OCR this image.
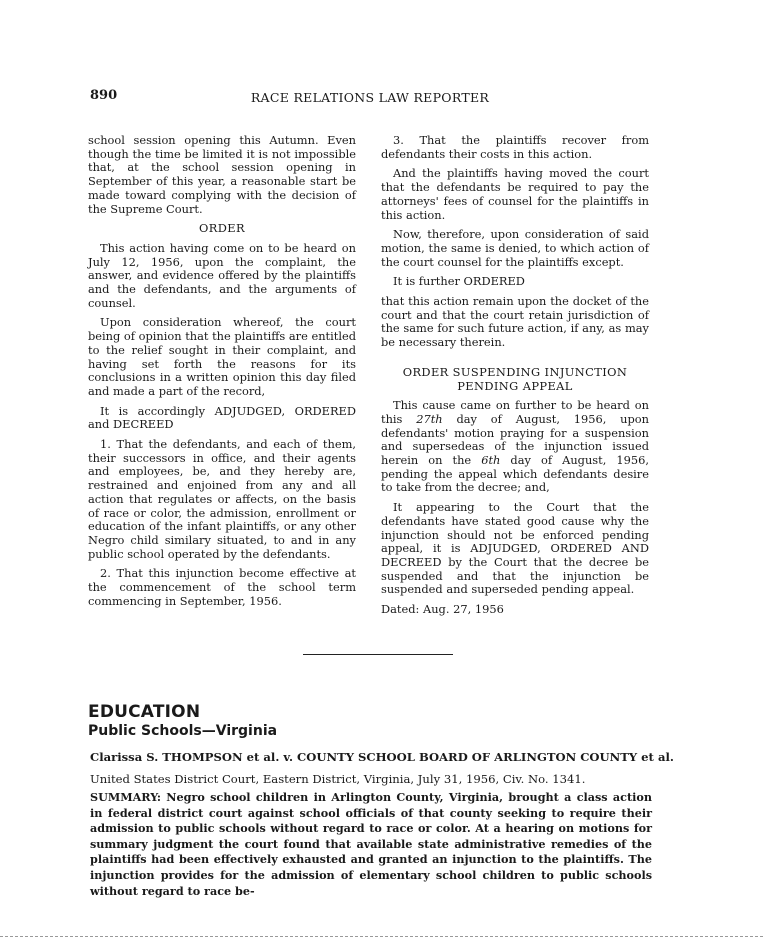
890	RACE RELATIONS LAW REPORTER

school session opening this Autumn. Even though the time be limited it is not impossible that, at the school session opening in September of this year, a reasonable start be made toward complying with the decision of the Supreme Court.

ORDER

This action having come on to be heard on July 12, 1956, upon the complaint, the answer, and evidence offered by the plaintiffs and the defendants, and the arguments of counsel.

Upon consideration whereof, the court being of opinion that the plaintiffs are entitled to the relief sought in their complaint, and having set forth the reasons for its conclusions in a written opinion this day filed and made a part of the record,

It is accordingly ADJUDGED, ORDERED and DECREED

1. That the defendants, and each of them, their successors in office, and their agents and employees, be, and they hereby are, restrained and enjoined from any and all action that regulates or affects, on the basis of race or color, the admission, enrollment or education of the infant plaintiffs, or any other Negro child similary situated, to and in any public school operated by the defendants.

2. That this injunction become effective at the commencement of the school term commencing in September, 1956.

3. That the plaintiffs recover from defendants their costs in this action.

And the plaintiffs having moved the court that the defendants be required to pay the attorneys' fees of counsel for the plaintiffs in this action.

Now, therefore, upon consideration of said motion, the same is denied, to which action of the court counsel for the plaintiffs except.

It is further ORDERED

that this action remain upon the docket of the court and that the court retain jurisdiction of the same for such future action, if any, as may be necessary therein.

ORDER SUSPENDING INJUNCTION
PENDING APPEAL

This cause came on further to be heard on this 27th day of August, 1956, upon defendants' motion praying for a suspension and supersedeas of the injunction issued herein on the 6th day of August, 1956, pending the appeal which defendants desire to take from the decree; and,

It appearing to the Court that the defendants have stated good cause why the injunction should not be enforced pending appeal, it is ADJUDGED, ORDERED AND DECREED by the Court that the decree be suspended and that the injunction be suspended and superseded pending appeal.

Dated: Aug. 27, 1956

EDUCATION
Public Schools—Virginia
Clarissa S. THOMPSON et al. v. COUNTY SCHOOL BOARD OF ARLINGTON COUNTY et al.
United States District Court, Eastern District, Virginia, July 31, 1956, Civ. No. 1341.

SUMMARY: Negro school children in Arlington County, Virginia, brought a class action in federal district court against school officials of that county seeking to require their admission to public schools without regard to race or color. At a hearing on motions for summary judgment the court found that available state administrative remedies of the plaintiffs had been effectively exhausted and granted an injunction to the plaintiffs. The injunction provides for the admission of elementary school children to public schools without regard to race be-
